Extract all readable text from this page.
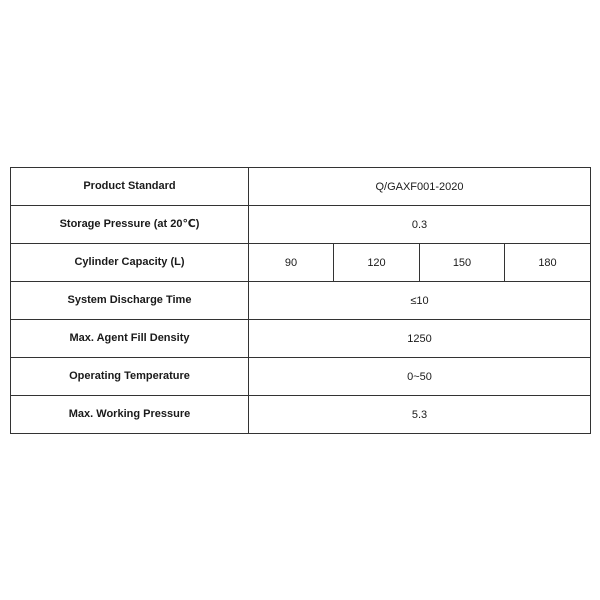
Product Standard	Q/GAXF001-2020			
Storage Pressure (at 20℃)	0.3			
Cylinder Capacity (L)	90	120	150	180
System Discharge Time	≤10			
Max. Agent Fill Density	1250			
Operating Temperature	0~50			
Max. Working Pressure	5.3			
